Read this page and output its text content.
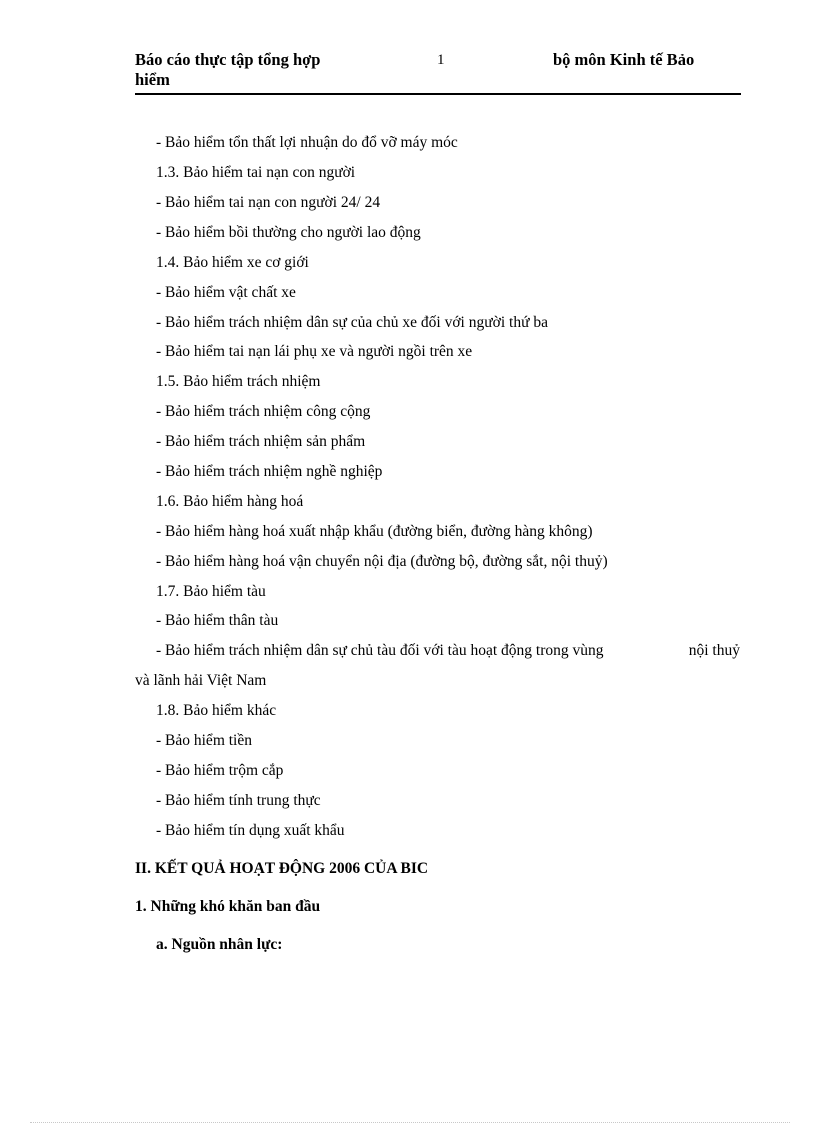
Báo cáo thực tập tổng hợp
hiểm
1	bộ môn Kinh tế Bảo
- Bảo hiểm tổn thất lợi nhuận do đổ vỡ máy móc
1.3. Bảo hiểm tai nạn con người
- Bảo hiểm tai nạn con người 24/ 24
- Bảo hiểm bồi thường cho người lao động
1.4. Bảo hiểm xe cơ giới
- Bảo hiểm vật chất xe
- Bảo hiểm trách nhiệm dân sự của chủ xe đối với người thứ ba
- Bảo hiểm tai nạn lái phụ xe và người ngồi trên xe
1.5. Bảo hiểm trách nhiệm
- Bảo hiểm trách nhiệm công cộng
- Bảo hiểm trách nhiệm sản phẩm
- Bảo hiểm trách nhiệm nghề nghiệp
1.6. Bảo hiểm hàng hoá
- Bảo hiểm hàng hoá xuất nhập khẩu (đường biển, đường hàng không)
- Bảo hiểm hàng hoá vận chuyển nội địa (đường bộ, đường sắt, nội thuỷ)
1.7. Bảo hiểm tàu
- Bảo hiểm thân tàu
- Bảo hiểm trách nhiệm dân sự chủ tàu đối với tàu hoạt động trong vùng	nội thuỷ
và lãnh hải Việt Nam
1.8. Bảo hiểm khác
- Bảo hiểm tiền
- Bảo hiểm trộm cắp
- Bảo hiểm tính trung thực
- Bảo hiểm tín dụng xuất khẩu
II. KẾT QUẢ HOẠT ĐỘNG 2006 CỦA BIC
1. Những khó khăn ban đầu
a. Nguồn nhân lực:
